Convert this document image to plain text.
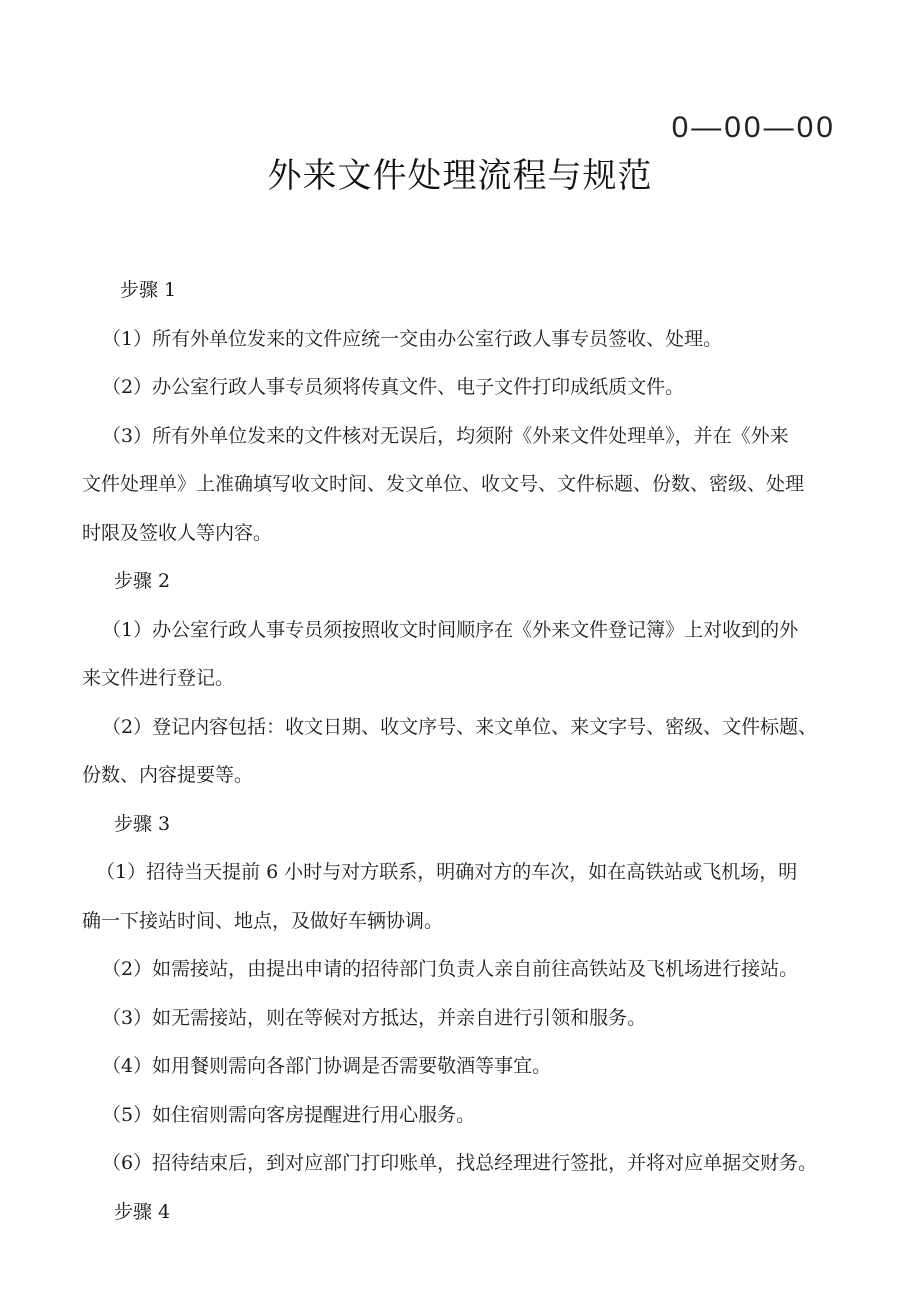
0—00—00
外来文件处理流程与规范
步骤 1
（1）所有外单位发来的文件应统一交由办公室行政人事专员签收、处理。
（2）办公室行政人事专员须将传真文件、电子文件打印成纸质文件。
（3）所有外单位发来的文件核对无误后，均须附《外来文件处理单》，并在《外来
文件处理单》上准确填写收文时间、发文单位、收文号、文件标题、份数、密级、处理
时限及签收人等内容。
步骤 2
（1）办公室行政人事专员须按照收文时间顺序在《外来文件登记簿》上对收到的外
来文件进行登记。
（2）登记内容包括：收文日期、收文序号、来文单位、来文字号、密级、文件标题、
份数、内容提要等。
步骤 3
（1）招待当天提前 6 小时与对方联系，明确对方的车次，如在高铁站或飞机场，明
确一下接站时间、地点，及做好车辆协调。
（2）如需接站，由提出申请的招待部门负责人亲自前往高铁站及飞机场进行接站。
（3）如无需接站，则在等候对方抵达，并亲自进行引领和服务。
（4）如用餐则需向各部门协调是否需要敬酒等事宜。
（5）如住宿则需向客房提醒进行用心服务。
（6）招待结束后，到对应部门打印账单，找总经理进行签批，并将对应单据交财务。
步骤 4
